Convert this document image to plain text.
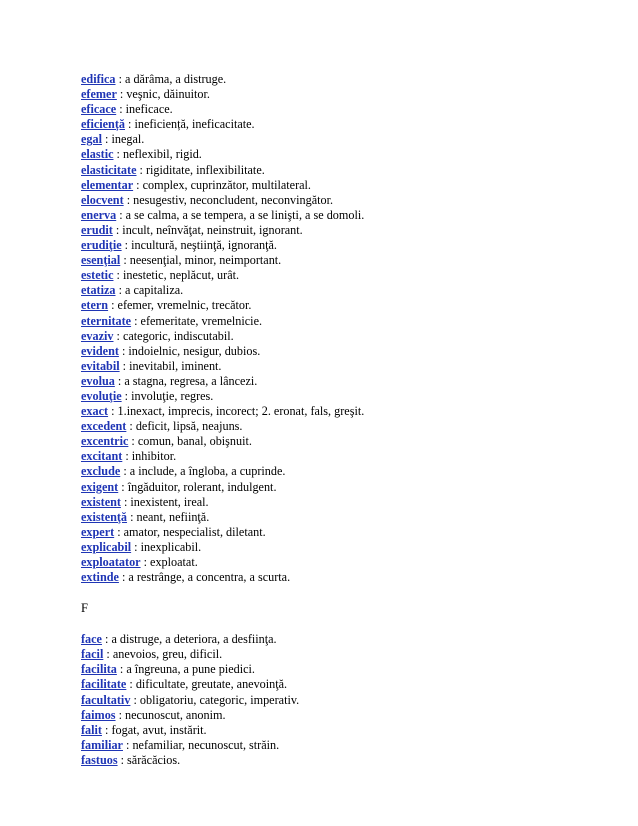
edifica : a dărâma, a distruge.
efemer : veşnic, dăinuitor.
eficace : ineficace.
eficiență : ineficiență, ineficacitate.
egal : inegal.
elastic : neflexibil, rigid.
elasticitate : rigiditate, inflexibilitate.
elementar : complex, cuprinzător, multilateral.
elocvent : nesugestiv, neconcludent, neconvingător.
enerva : a se calma, a se tempera, a se linişti, a se domoli.
erudit : incult, neînvăţat, neinstruit, ignorant.
erudiţie : incultură, neştiinţă, ignoranţă.
esenţial : neesenţial, minor, neimportant.
estetic : inestetic, neplăcut, urât.
etatiza : a capitaliza.
etern : efemer, vremelnic, trecător.
eternitate : efemeritate, vremelnicie.
evaziv : categoric, indiscutabil.
evident : indoielnic, nesigur, dubios.
evitabil : inevitabil, iminent.
evolua : a stagna, regresa, a lâncezi.
evoluţie : involuţie, regres.
exact : 1.inexact, imprecis, incorect; 2. eronat, fals, greşit.
excedent : deficit, lipsă, neajuns.
excentric : comun, banal, obişnuit.
excitant : inhibitor.
exclude : a include, a îngloba, a cuprinde.
exigent : îngăduitor, rolerant, indulgent.
existent : inexistent, ireal.
existenţă : neant, nefiinţă.
expert : amator, nespecialist, diletant.
explicabil : inexplicabil.
exploatator : exploatat.
extinde : a restrânge, a concentra, a scurta.
F
face : a distruge, a deteriora, a desfiinţa.
facil : anevoios, greu, dificil.
facilita : a îngreuna, a pune piedici.
facilitate : dificultate, greutate, anevoinţă.
facultativ : obligatoriu, categoric, imperativ.
faimos : necunoscut, anonim.
falit : fogat, avut, instărit.
familiar : nefamiliar, necunoscut, străin.
fastuos : sărăcăcios.
